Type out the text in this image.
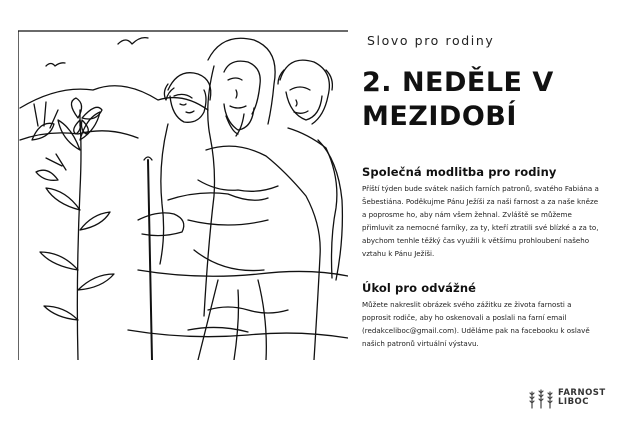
Slovo pro rodiny
2. NEDĚLE V MEZIDOBÍ
Společná modlitba pro rodiny

Příští týden bude svátek našich farních patronů, svatého Fabiána a Šebestiána. Poděkujme Pánu Ježíši za naši farnost a za naše kněze a poprosme ho, aby nám všem žehnal. Zvláště se můžeme přimluvit za nemocné farníky, za ty, kteří ztratili své blízké a za to, abychom tenhle těžký čas využili k většímu prohloubení našeho vztahu k Pánu Ježíši.

Úkol pro odvážné

Můžete nakreslit obrázek svého zážitku ze života farnosti a poprosit rodiče, aby ho oskenovali a poslali na farní email (redakceliboc@gmail.com). Uděláme pak na facebooku k oslavě našich patronů virtuální výstavu.

FARNOST
LIBOC
